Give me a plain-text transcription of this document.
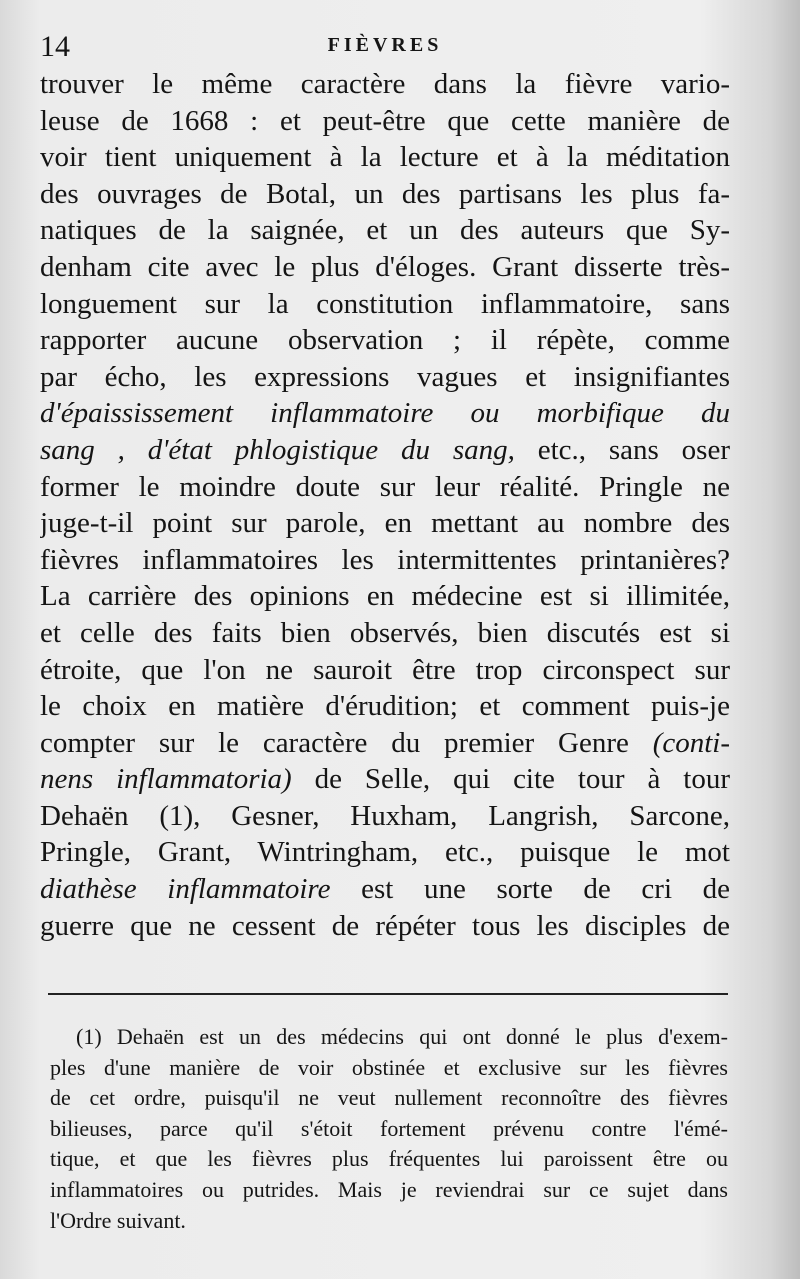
14	FIÈVRES
trouver le même caractère dans la fièvre vario-
leuse de 1668 : et peut-être que cette manière de
voir tient uniquement à la lecture et à la méditation
des ouvrages de Botal, un des partisans les plus fa-
natiques de la saignée, et un des auteurs que Sy-
denham cite avec le plus d'éloges. Grant disserte très-
longuement sur la constitution inflammatoire, sans
rapporter aucune observation ; il répète, comme
par écho, les expressions vagues et insignifiantes
d'épaississement inflammatoire ou morbifique du
sang , d'état phlogistique du sang, etc., sans oser
former le moindre doute sur leur réalité. Pringle ne
juge-t-il point sur parole, en mettant au nombre des
fièvres inflammatoires les intermittentes printanières?
La carrière des opinions en médecine est si illimitée,
et celle des faits bien observés, bien discutés est si
étroite, que l'on ne sauroit être trop circonspect sur
le choix en matière d'érudition; et comment puis-je
compter sur le caractère du premier Genre (conti-
nens inflammatoria) de Selle, qui cite tour à tour
Dehaën (1), Gesner, Huxham, Langrish, Sarcone,
Pringle, Grant, Wintringham, etc., puisque le mot
diathèse inflammatoire est une sorte de cri de
guerre que ne cessent de répéter tous les disciples de
(1) Dehaën est un des médecins qui ont donné le plus d'exem-
ples d'une manière de voir obstinée et exclusive sur les fièvres
de cet ordre, puisqu'il ne veut nullement reconnoître des fièvres
bilieuses, parce qu'il s'étoit fortement prévenu contre l'émé-
tique, et que les fièvres plus fréquentes lui paroissent être ou
inflammatoires ou putrides. Mais je reviendrai sur ce sujet dans
l'Ordre suivant.
